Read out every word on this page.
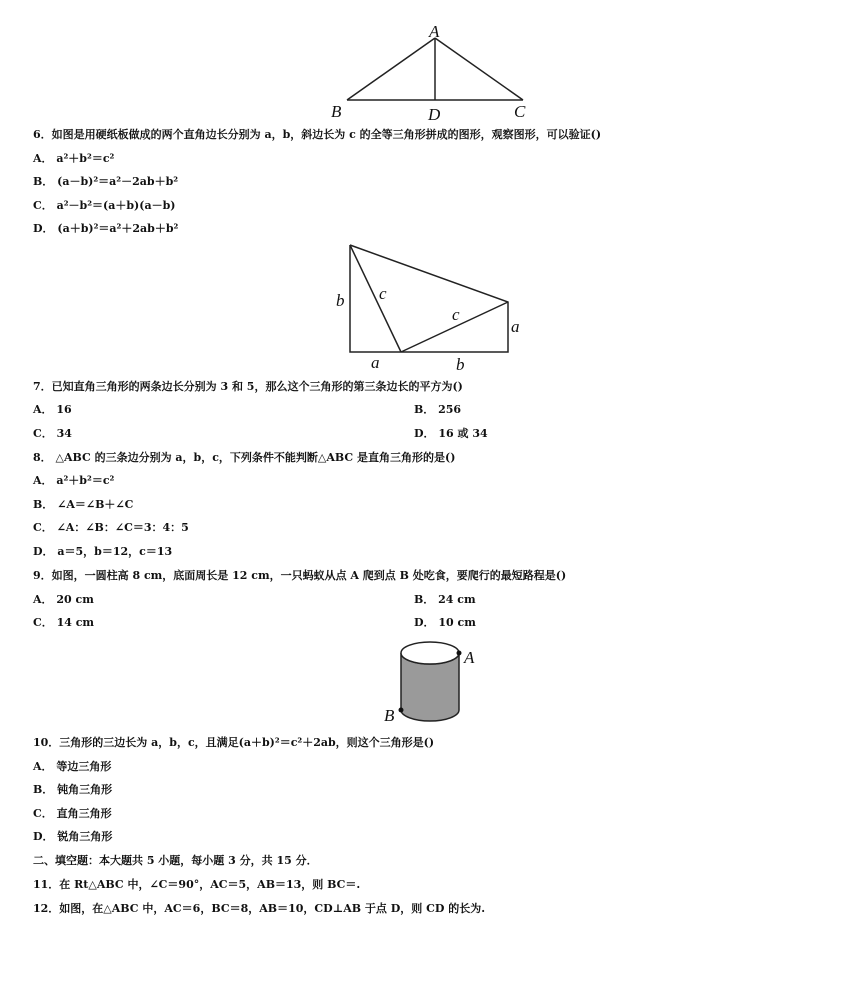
A
B	D	C
6．如图是用硬纸板做成的两个直角边长分别为 a，b，斜边长为 c 的全等三角形拼成的图形，观察图形，可以验证()
A． a²＋b²＝c²
B． (a－b)²＝a²－2ab＋b²
C． a²－b²＝(a＋b)(a－b)
D． (a＋b)²＝a²＋2ab＋b²
b c
c
a
a	b
7．已知直角三角形的两条边长分别为 3 和 5，那么这个三角形的第三条边长的平方为()
A． 16	B． 256
C． 34	D． 16 或 34
8． △ABC 的三条边分别为 a，b，c，下列条件不能判断△ABC 是直角三角形的是()
A． a²＋b²＝c²
B． ∠A＝∠B＋∠C
C． ∠A：∠B：∠C＝3：4：5
D． a＝5，b＝12，c＝13
9．如图，一圆柱高 8 cm，底面周长是 12 cm，一只蚂蚁从点 A 爬到点 B 处吃食，要爬行的最短路程是()
A． 20 cm	B． 24 cm
C． 14 cm	D． 10 cm
A
B
10．三角形的三边长为 a，b，c，且满足(a＋b)²＝c²＋2ab，则这个三角形是()
A． 等边三角形
B． 钝角三角形
C． 直角三角形
D． 锐角三角形
二、填空题：本大题共 5 小题，每小题 3 分，共 15 分．
11．在 Rt△ABC 中，∠C＝90°，AC＝5，AB＝13，则 BC＝.
12．如图，在△ABC 中，AC＝6，BC＝8，AB＝10，CD⊥AB 于点 D，则 CD 的长为.
